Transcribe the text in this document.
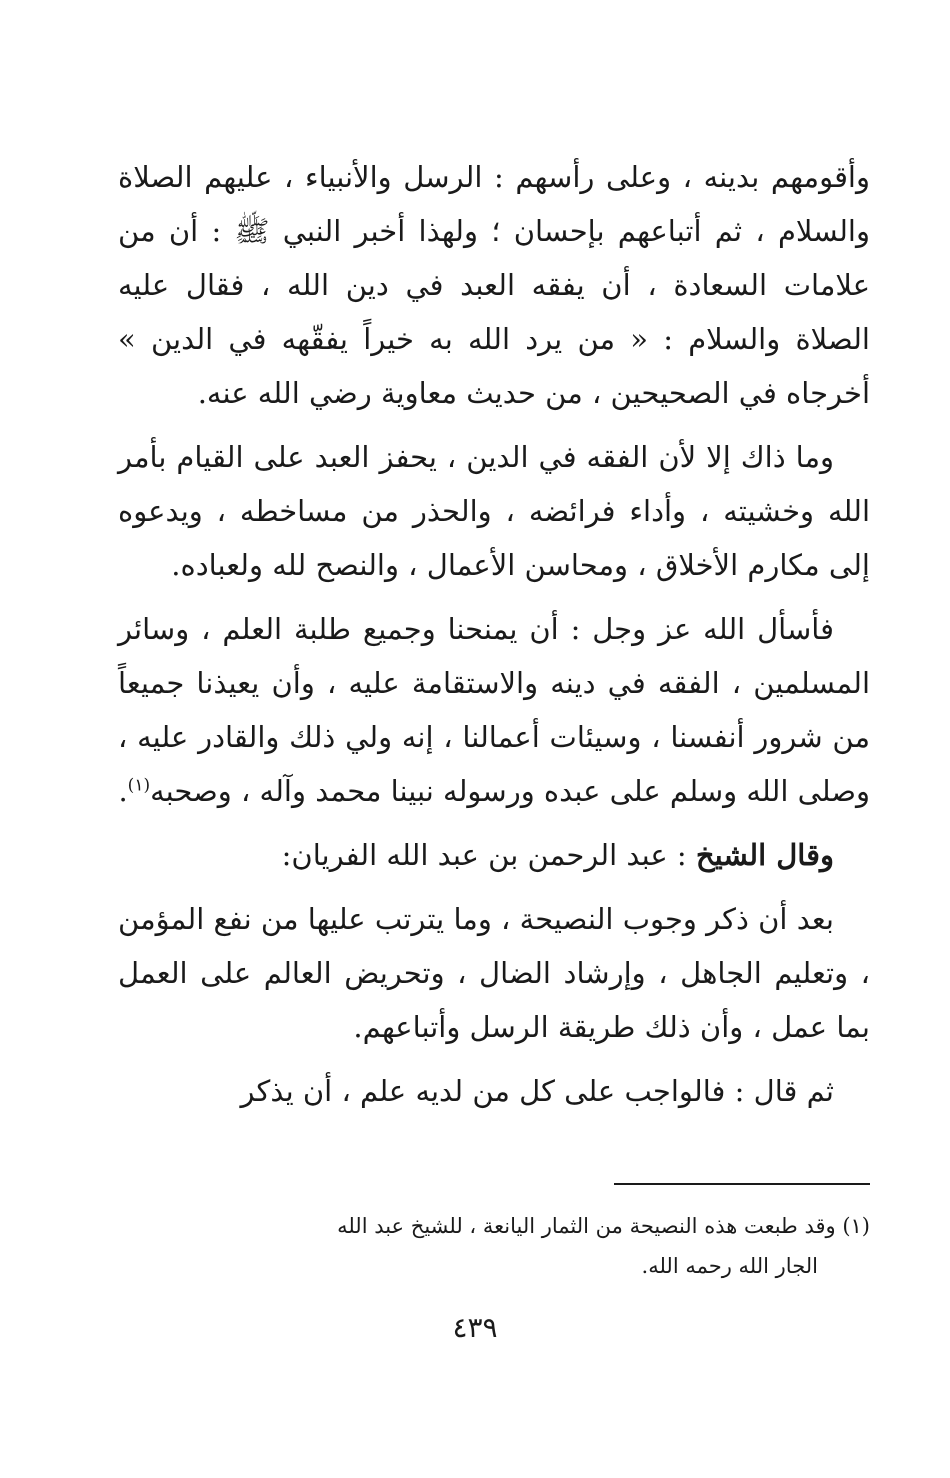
وأقومهم بدينه ، وعلى رأسهم : الرسل والأنبياء ، عليهم الصلاة والسلام ، ثم أتباعهم بإحسان ؛ ولهذا أخبر النبي ﷺ : أن من علامات السعادة ، أن يفقه العبد في دين الله ، فقال عليه الصلاة والسلام : « من يرد الله به خيراً يفقّهه في الدين » أخرجاه في الصحيحين ، من حديث معاوية رضي الله عنه.

وما ذاك إلا لأن الفقه في الدين ، يحفز العبد على القيام بأمر الله وخشيته ، وأداء فرائضه ، والحذر من مساخطه ، ويدعوه إلى مكارم الأخلاق ، ومحاسن الأعمال ، والنصح لله ولعباده.

فأسأل الله عز وجل : أن يمنحنا وجميع طلبة العلم ، وسائر المسلمين ، الفقه في دينه والاستقامة عليه ، وأن يعيذنا جميعاً من شرور أنفسنا ، وسيئات أعمالنا ، إنه ولي ذلك والقادر عليه ، وصلى الله وسلم على عبده ورسوله نبينا محمد وآله ، وصحبه$^{(١)}$.

وقال الشيخ : عبد الرحمن بن عبد الله الفريان:

بعد أن ذكر وجوب النصيحة ، وما يترتب عليها من نفع المؤمن ، وتعليم الجاهل ، وإرشاد الضال ، وتحريض العالم على العمل بما عمل ، وأن ذلك طريقة الرسل وأتباعهم.

ثم قال : فالواجب على كل من لديه علم ، أن يذكر

(١) وقد طبعت هذه النصيحة من الثمار اليانعة ، للشيخ عبد الله
الجار الله رحمه الله.
٤٣٩
